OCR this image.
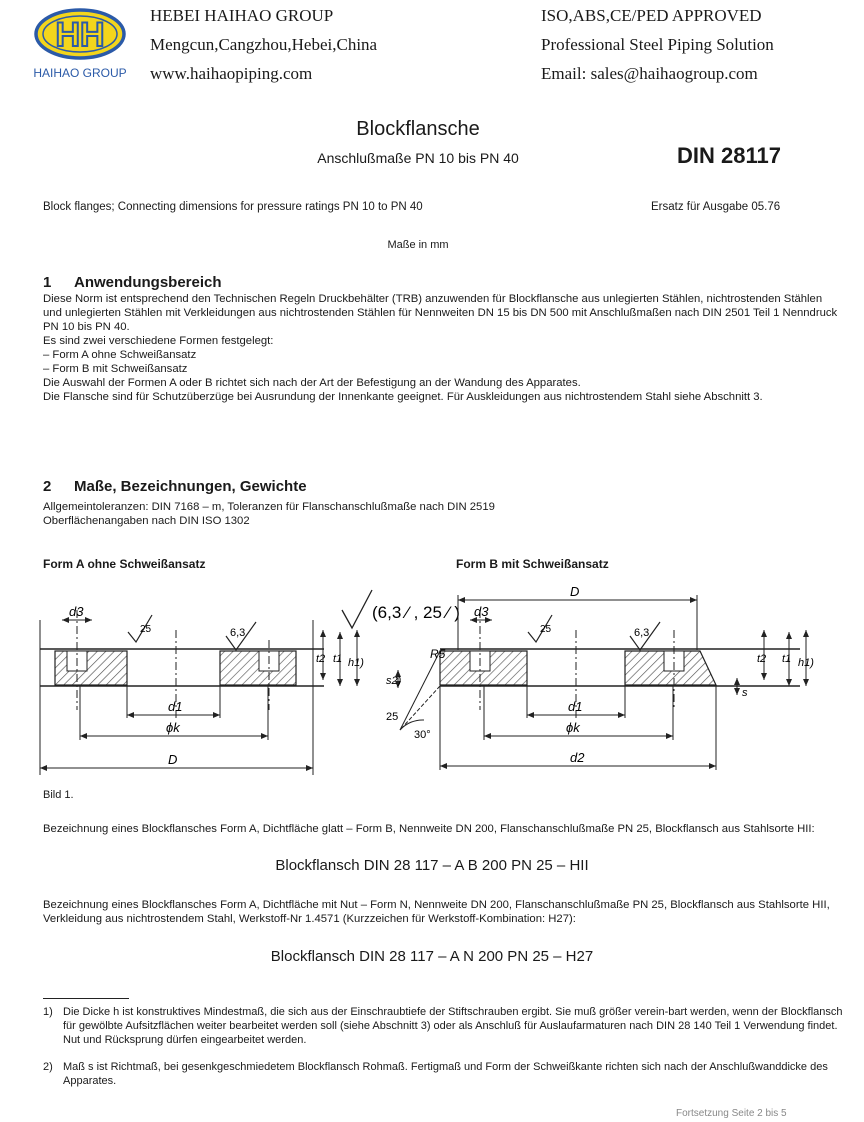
HH
HAIHAO GROUP
HEBEI HAIHAO GROUP
Mengcun,Cangzhou,Hebei,China
www.haihaopiping.com
ISO,ABS,CE/PED APPROVED
Professional Steel Piping Solution
Email: sales@haihaogroup.com
Blockflansche
Anschlußmaße PN 10 bis PN 40	DIN 28117
Block flanges; Connecting dimensions for pressure ratings PN 10 to PN 40	Ersatz für Ausgabe 05.76
Maße in mm
1 Anwendungsbereich

Diese Norm ist entsprechend den Technischen Regeln Druckbehälter (TRB) anzuwenden für Blockflansche aus unlegierten Stählen, nichtrostenden Stählen und unlegierten Stählen mit Verkleidungen aus nichtrostenden Stählen für Nennweiten DN 15 bis DN 500 mit Anschlußmaßen nach DIN 2501 Teil 1 Nenndruck PN 10 bis PN 40.

Es sind zwei verschiedene Formen festgelegt:

– Form A ohne Schweißansatz

– Form B mit Schweißansatz

Die Auswahl der Formen A oder B richtet sich nach der Art der Befestigung an der Wandung des Apparates.

Die Flansche sind für Schutzüberzüge bei Ausrundung der Innenkante geeignet. Für Auskleidungen aus nichtrostendem Stahl siehe Abschnitt 3.

2 Maße, Bezeichnungen, Gewichte

Allgemeintoleranzen: DIN 7168 – m, Toleranzen für Flanschanschlußmaße nach DIN 2519

Oberflächenangaben nach DIN ISO 1302

Form A ohne Schweißansatz	Form B mit Schweißansatz
d3
d1
ϕk
D
25	6,3
t2 t1 h1)
(6,3 ⁄ , 25 ⁄ )
D
d3
d1
ϕk
d2
R5
s2)
25
30°
25	6,3
s
t2 t1 h1)
Bild 1.
Bezeichnung eines Blockflansches Form A, Dichtfläche glatt – Form B, Nennweite DN 200, Flanschanschlußmaße PN 25, Blockflansch aus Stahlsorte HII:
Blockflansch DIN 28 117 – A B 200 PN 25 – HII
Bezeichnung eines Blockflansches Form A, Dichtfläche mit Nut – Form N, Nennweite DN 200, Flanschanschlußmaße PN 25, Blockflansch aus Stahlsorte HII, Verkleidung aus nichtrostendem Stahl, Werkstoff-Nr 1.4571 (Kurzzeichen für Werkstoff-Kombination: H27):
Blockflansch DIN 28 117 – A N 200 PN 25 – H27
1) Die Dicke h ist konstruktives Mindestmaß, die sich aus der Einschraubtiefe der Stiftschrauben ergibt. Sie muß größer verein-bart werden, wenn der Blockflansch für gewölbte Aufsitzflächen weiter bearbeitet werden soll (siehe Abschnitt 3) oder als Anschluß für Auslaufarmaturen nach DIN 28 140 Teil 1 Verwendung findet. Nut und Rücksprung dürfen eingearbeitet werden.
2) Maß s ist Richtmaß, bei gesenkgeschmiedetem Blockflansch Rohmaß. Fertigmaß und Form der Schweißkante richten sich nach der Anschlußwanddicke des Apparates.
Fortsetzung Seite 2 bis 5
